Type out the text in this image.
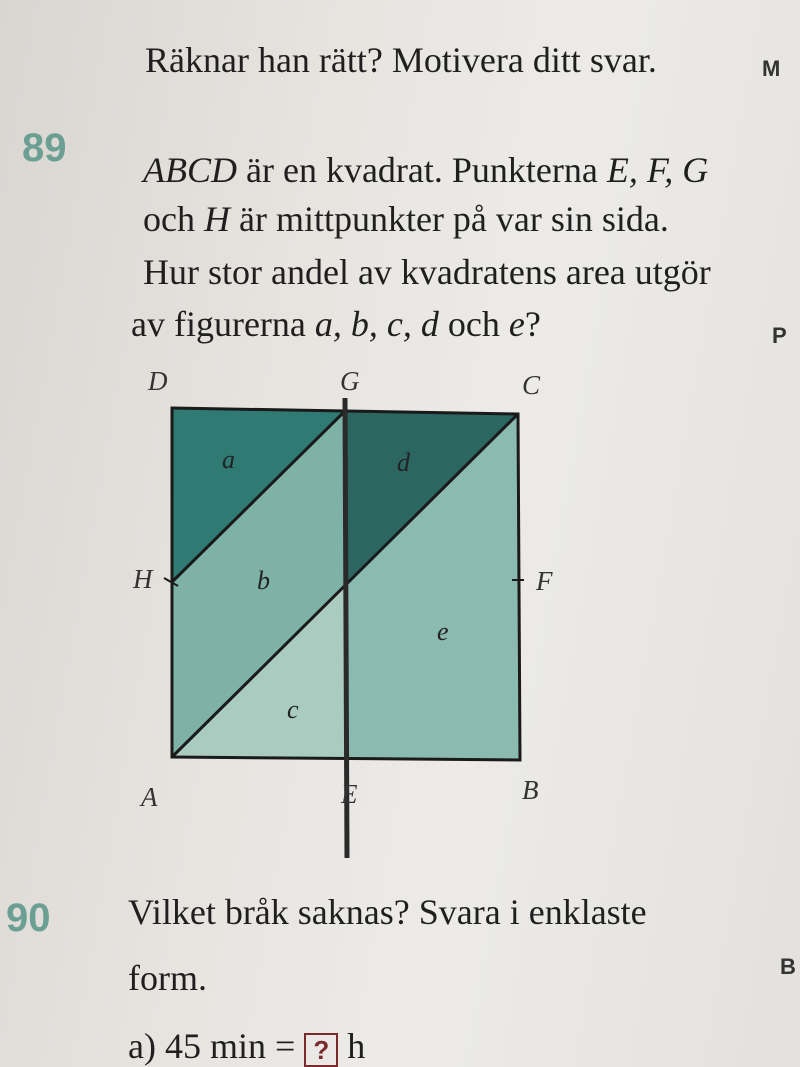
Räknar han rätt? Motivera ditt svar.	M
89 ABCD är en kvadrat. Punkterna E, F, G
och H är mittpunkter på var sin sida.
Hur stor andel av kvadratens area utgör
av figurerna a, b, c, d och e?	P
D	G	C
H	F
A	E	B
a	d
b
e
c
90 Vilket bråk saknas? Svara i enklaste
form.	B
a) 45 min = ? h
